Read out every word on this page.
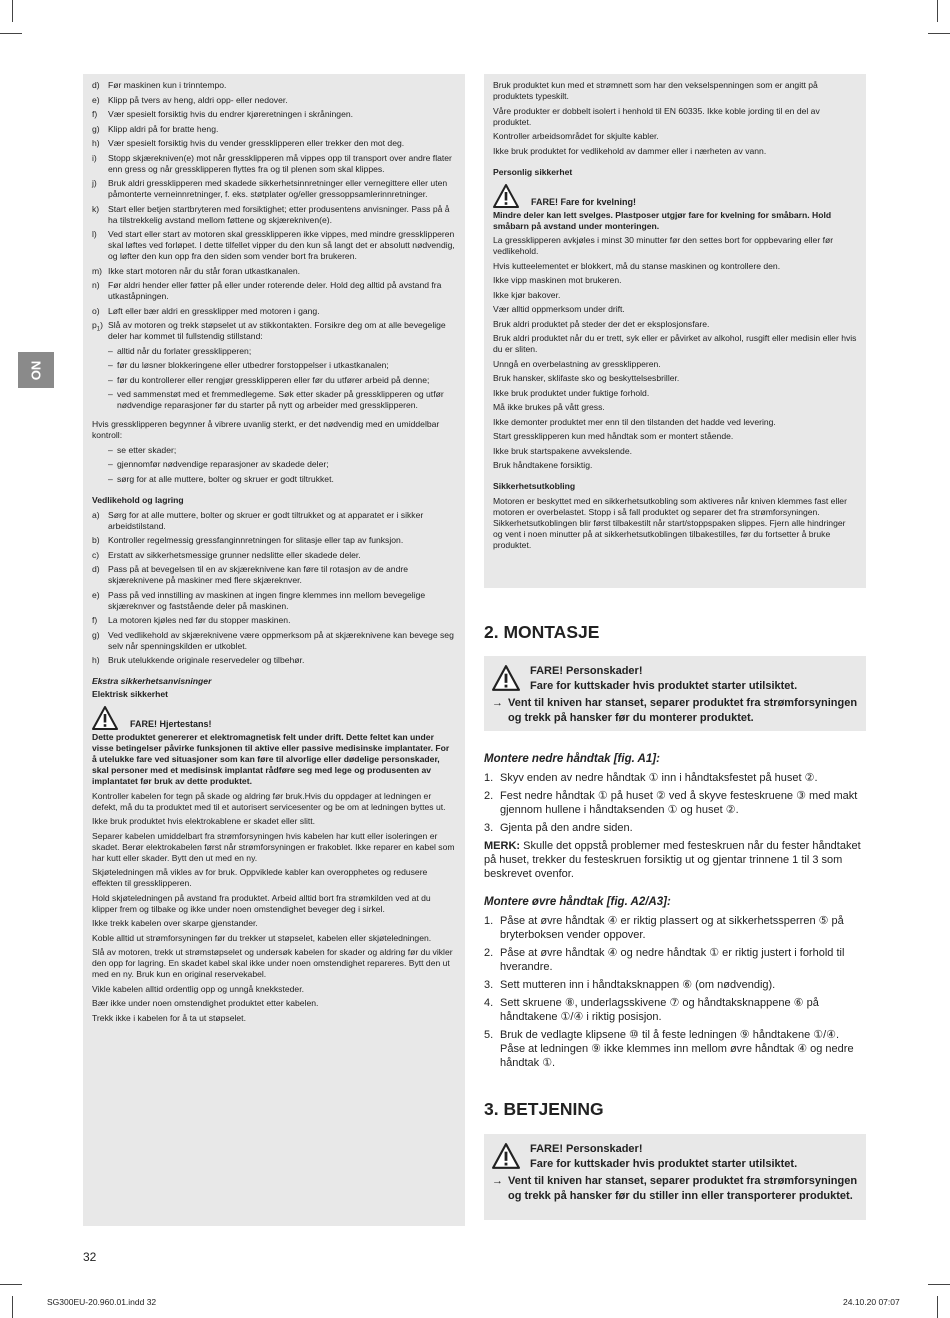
NO
d) Før maskinen kun i trinntempo.
e) Klipp på tvers av heng, aldri opp- eller nedover.
f)	Vær spesielt forsiktig hvis du endrer kjøreretningen i skråningen.
g) Klipp aldri på for bratte heng.
h) Vær spesielt forsiktig hvis du vender gressklipperen eller trekker den mot deg.
i)	Stopp skjærekniven(e) mot når gressklipperen må vippes opp til transport over andre flater enn gress og når gressklipperen flyttes fra og til plenen som skal klippes.
j)	Bruk aldri gressklipperen med skadede sikkerhetsinnretninger eller vernegittere eller uten påmonterte verneinnretninger, f. eks. støtplater og/eller gressoppsamlerinnretninger.
k)	Start eller betjen startbryteren med forsiktighet; etter produsentens anvisninger. Pass på å ha tilstrekkelig avstand mellom føttene og skjærekniven(e).
l)	Ved start eller start av motoren skal gressklipperen ikke vippes, med mindre gressklipperen skal løftes ved forløpet. I dette tilfellet vipper du den kun så langt det er absolutt nødvendig, og løfter den kun opp fra den siden som vender bort fra brukeren.
m) Ikke start motoren når du står foran utkastkanalen.
n) Før aldri hender eller føtter på eller under roterende deler. Hold deg alltid på avstand fra utkaståpningen.
o) Løft eller bær aldri en gressklipper med motoren i gang.
$p_1$) Slå av motoren og trekk støpselet ut av stikkontakten. Forsikre deg om at alle bevegelige deler har kommet til fullstendig stillstand:
– alltid når du forlater gressklipperen;
– før du løsner blokkeringene eller utbedrer forstoppelser i utkastkanalen;
– før du kontrollerer eller rengjør gressklipperen eller før du utfører arbeid på denne;
– ved sammenstøt med et fremmedlegeme. Søk etter skader på gressklipperen og utfør nødvendige reparasjoner før du starter på nytt og arbeider med gressklipperen.

Hvis gressklipperen begynner å vibrere uvanlig sterkt, er det nødvendig med en umiddelbar kontroll:

– se etter skader;
– gjennomfør nødvendige reparasjoner av skadede deler;
– sørg for at alle muttere, bolter og skruer er godt tiltrukket.
Vedlikehold og lagring
a) Sørg for at alle muttere, bolter og skruer er godt tiltrukket og at apparatet er i sikker arbeidstilstand.
b) Kontroller regelmessig gressfanginnretningen for slitasje eller tap av funksjon.
c)	Erstatt av sikkerhetsmessige grunner nedslitte eller skadede deler.
d) Pass på at bevegelsen til en av skjæreknivene kan føre til rotasjon av de andre skjæreknivene på maskiner med flere skjæreknver.
e) Pass på ved innstilling av maskinen at ingen fingre klemmes inn mellom bevegelige skjæreknver og faststående deler på maskinen.
f)	La motoren kjøles ned før du stopper maskinen.
g) Ved vedlikehold av skjæreknivene være oppmerksom på at skjæreknivene kan bevege seg selv når spenningskilden er utkoblet.
h) Bruk utelukkende originale reservedeler og tilbehør.
Ekstra sikkerhetsanvisninger
Elektrisk sikkerhet
FARE! Hjertestans!

Dette produktet genererer et elektromagnetisk felt under drift. Dette feltet kan under visse betingelser påvirke funksjonen til aktive eller passive medisinske implantater. For å utelukke fare ved situasjoner som kan føre til alvorlige eller dødelige personskader, skal personer med et medisinsk implantat rådføre seg med lege og produsenten av implantatet før bruk av dette produktet.

Kontroller kabelen for tegn på skade og aldring før bruk.Hvis du oppdager at ledningen er defekt, må du ta produktet med til et autorisert servicesenter og be om at ledningen byttes ut.

Ikke bruk produktet hvis elektrokablene er skadet eller slitt.

Separer kabelen umiddelbart fra strømforsyningen hvis kabelen har kutt eller isoleringen er skadet. Berør elektrokabelen først når strømforsyningen er frakoblet. Ikke reparer en kabel som har kutt eller skader. Bytt den ut med en ny.

Skjøteledningen må vikles av for bruk. Oppviklede kabler kan overopphetes og redusere effekten til gressklipperen.

Hold skjøteledningen på avstand fra produktet. Arbeid alltid bort fra strømkilden ved at du klipper frem og tilbake og ikke under noen omstendighet beveger deg i sirkel.

Ikke trekk kabelen over skarpe gjenstander.

Koble alltid ut strømforsyningen før du trekker ut støpselet, kabelen eller skjøteledningen.

Slå av motoren, trekk ut strømstøpselet og undersøk kabelen for skader og aldring før du vikler den opp for lagring. En skadet kabel skal ikke under noen omstendighet repareres. Bytt den ut med en ny. Bruk kun en original reservekabel.

Vikle kabelen alltid ordentlig opp og unngå knekksteder.

Bær ikke under noen omstendighet produktet etter kabelen.

Trekk ikke i kabelen for å ta ut støpselet.

Bruk produktet kun med et strømnett som har den vekselspenningen som er angitt på produktets typeskilt.

Våre produkter er dobbelt isolert i henhold til EN 60335. Ikke koble jording til en del av produktet.

Kontroller arbeidsområdet for skjulte kabler.

Ikke bruk produktet for vedlikehold av dammer eller i nærheten av vann.

Personlig sikkerhet
FARE! Fare for kvelning!

Mindre deler kan lett svelges. Plastposer utgjør fare for kvelning for småbarn. Hold småbarn på avstand under monteringen.

La gressklipperen avkjøles i minst 30 minutter før den settes bort for oppbevaring eller før vedlikehold.

Hvis kutteelementet er blokkert, må du stanse maskinen og kontrollere den.

Ikke vipp maskinen mot brukeren.

Ikke kjør bakover.

Vær alltid oppmerksom under drift.

Bruk aldri produktet på steder der det er eksplosjonsfare.

Bruk aldri produktet når du er trett, syk eller er påvirket av alkohol, rusgift eller medisin eller hvis du er sliten.

Unngå en overbelastning av gressklipperen.

Bruk hansker, sklifaste sko og beskyttelsesbriller.

Ikke bruk produktet under fuktige forhold.

Må ikke brukes på vått gress.

Ikke demonter produktet mer enn til den tilstanden det hadde ved levering.

Start gressklipperen kun med håndtak som er montert stående.

Ikke bruk startspakene avvekslende.

Bruk håndtakene forsiktig.

Sikkerhetsutkobling

Motoren er beskyttet med en sikkerhetsutkobling som aktiveres når kniven klemmes fast eller motoren er overbelastet. Stopp i så fall produktet og separer det fra strømforsyningen. Sikkerhetsutkoblingen blir først tilbakestilt når start/stoppspaken slippes. Fjern alle hindringer og vent i noen minutter på at sikkerhetsutkoblingen tilbakestilles, før du fortsetter å bruke produktet.

2. MONTASJE
FARE! Personskader!
Fare for kuttskader hvis produktet starter utilsiktet.
→ Vent til kniven har stanset, separer produktet fra strømforsyningen og trekk på hansker før du monterer produktet.
Montere nedre håndtak [fig. A1]:
1. Skyv enden av nedre håndtak ① inn i håndtaksfestet på huset ②.
2. Fest nedre håndtak ① på huset ② ved å skyve festeskruene ③ med makt gjennom hullene i håndtaksenden ① og huset ②.
3. Gjenta på den andre siden.

MERK: Skulle det oppstå problemer med festeskruen når du fester håndtaket på huset, trekker du festeskruen forsiktig ut og gjentar trinnene 1 til 3 som beskrevet ovenfor.

Montere øvre håndtak [fig. A2/A3]:
1. Påse at øvre håndtak ④ er riktig plassert og at sikkerhetssperren ⑤ på bryterboksen vender oppover.
2. Påse at øvre håndtak ④ og nedre håndtak ① er riktig justert i forhold til hverandre.
3. Sett mutteren inn i håndtaksknappen ⑥ (om nødvendig).
4. Sett skruene ⑧, underlagsskivene ⑦ og håndtaksknappene ⑥ på håndtakene ①/④ i riktig posisjon.
5. Bruk de vedlagte klipsene ⑩ til å feste ledningen ⑨ håndtakene ①/④. Påse at ledningen ⑨ ikke klemmes inn mellom øvre håndtak ④ og nedre håndtak ①.
3. BETJENING
FARE! Personskader!
Fare for kuttskader hvis produktet starter utilsiktet.
→ Vent til kniven har stanset, separer produktet fra strømforsyningen og trekk på hansker før du stiller inn eller transporterer produktet.
32
SG300EU-20.960.01.indd 32	24.10.20 07:07
